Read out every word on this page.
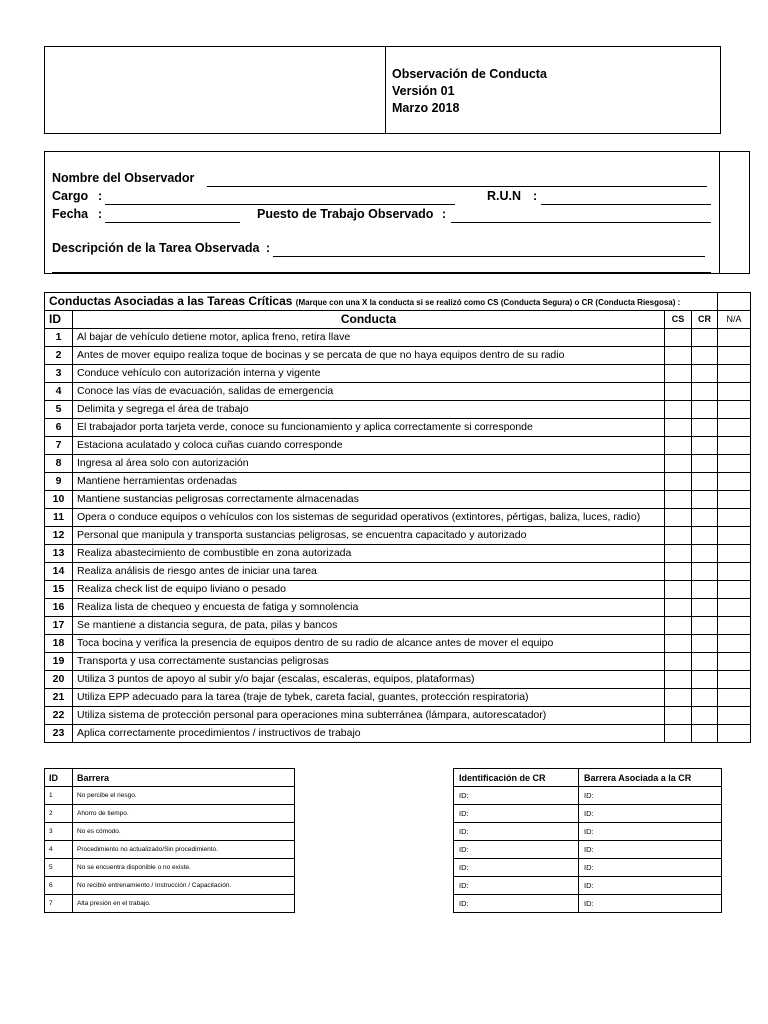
Observación de Conducta
Versión 01
Marzo 2018
Nombre del Observador
Cargo :	R.U.N :
Fecha :	Puesto de Trabajo Observado :
Descripción de la Tarea Observada :
Conductas Asociadas a las Tareas Críticas (Marque con una X la conducta si se realizó como CS (Conducta Segura) o CR (Conducta Riesgosa) :				
ID	Conducta	CS	CR	N/A
1	Al bajar de vehículo detiene motor, aplica freno, retira llave			
2	Antes de mover equipo realiza toque de bocinas y se percata de que no haya equipos dentro de su radio			
3	Conduce vehículo con autorización interna y vigente			
4	Conoce las vías de evacuación, salidas de emergencia			
5	Delimita y segrega el área de trabajo			
6	El trabajador porta tarjeta verde, conoce su funcionamiento y aplica correctamente si corresponde			
7	Estaciona aculatado y coloca cuñas cuando corresponde			
8	Ingresa al área solo con autorización			
9	Mantiene herramientas ordenadas			
10	Mantiene sustancias peligrosas correctamente almacenadas			
11	Opera o conduce equipos o vehículos con los sistemas de seguridad operativos (extintores, pértigas, baliza, luces, radio)			
12	Personal que manipula y transporta sustancias peligrosas, se encuentra capacitado y autorizado			
13	Realiza abastecimiento de combustible en zona autorizada			
14	Realiza análisis de riesgo antes de iniciar una tarea			
15	Realiza check list de equipo liviano o pesado			
16	Realiza lista de chequeo y encuesta de fatiga y somnolencia			
17	Se mantiene a distancia segura, de pata, pilas y bancos			
18	Toca bocina y verifica la presencia de equipos dentro de su radio de alcance antes de mover el equipo			
19	Transporta y usa correctamente sustancias peligrosas			
20	Utiliza 3 puntos de apoyo al subir y/o bajar (escalas, escaleras, equipos, plataformas)			
21	Utiliza EPP adecuado para la tarea (traje de tybek, careta facial, guantes, protección respiratoria)			
22	Utiliza sistema de protección personal para operaciones mina subterránea (lámpara, autorescatador)			
23	Aplica correctamente procedimientos / instructivos de trabajo			
ID	Barrera
1	No percibe el riesgo.
2	Ahorro de tiempo.
3	No es cómodo.
4	Procedimiento no actualizado/Sin procedimiento.
5	No se encuentra disponible o no existe.
6	No recibió entrenamiento / Instrucción / Capacitación.
7	Alta presión en el trabajo.
Identificación de CR	Barrera Asociada a la CR
ID:	ID:
ID:	ID:
ID:	ID:
ID:	ID:
ID:	ID:
ID:	ID:
ID:	ID:
